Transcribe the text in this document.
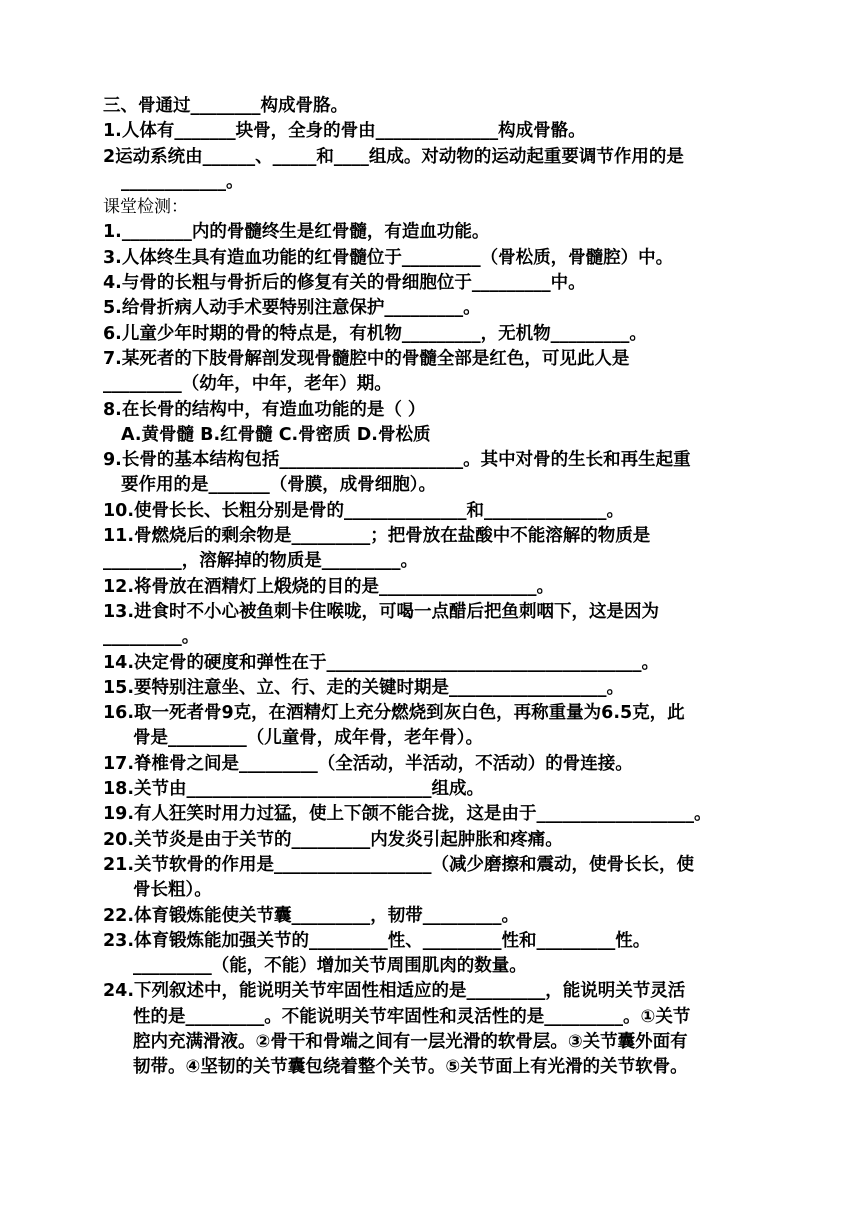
三、骨通过________构成骨胳。
1.人体有_______块骨，全身的骨由______________构成骨骼。
2运动系统由______、_____和____组成。对动物的运动起重要调节作用的是
____________。
课堂检测：
1.________内的骨髓终生是红骨髓，有造血功能。
3.人体终生具有造血功能的红骨髓位于_________（骨松质，骨髓腔）中。
4.与骨的长粗与骨折后的修复有关的骨细胞位于_________中。
5.给骨折病人动手术要特别注意保护_________。
6.儿童少年时期的骨的特点是，有机物_________，无机物_________。
7.某死者的下肢骨解剖发现骨髓腔中的骨髓全部是红色，可见此人是
_________（幼年，中年，老年）期。
8.在长骨的结构中，有造血功能的是（ ）
A.黄骨髓 B.红骨髓 C.骨密质 D.骨松质
9.长骨的基本结构包括_____________________。其中对骨的生长和再生起重
要作用的是_______（骨膜，成骨细胞）。
10.使骨长长、长粗分别是骨的______________和______________。
11.骨燃烧后的剩余物是_________；把骨放在盐酸中不能溶解的物质是
_________，溶解掉的物质是_________。
12.将骨放在酒精灯上煅烧的目的是__________________。
13.进食时不小心被鱼刺卡住喉咙，可喝一点醋后把鱼刺咽下，这是因为
_________。
14.决定骨的硬度和弹性在于____________________________________。
15.要特别注意坐、立、行、走的关键时期是__________________。
16.取一死者骨9克，在酒精灯上充分燃烧到灰白色，再称重量为6.5克，此
骨是_________（儿童骨，成年骨，老年骨）。
17.脊椎骨之间是_________（全活动，半活动，不活动）的骨连接。
18.关节由____________________________组成。
19.有人狂笑时用力过猛，使上下颌不能合拢，这是由于__________________。
20.关节炎是由于关节的_________内发炎引起肿胀和疼痛。
21.关节软骨的作用是__________________（减少磨擦和震动，使骨长长，使
骨长粗）。
22.体育锻炼能使关节囊_________，韧带_________。
23.体育锻炼能加强关节的_________性、_________性和_________性。
_________（能，不能）增加关节周围肌肉的数量。
24.下列叙述中，能说明关节牢固性相适应的是_________，能说明关节灵活
性的是_________。不能说明关节牢固性和灵活性的是_________。①关节
腔内充满滑液。②骨干和骨端之间有一层光滑的软骨层。③关节囊外面有
韧带。④坚韧的关节囊包绕着整个关节。⑤关节面上有光滑的关节软骨。
